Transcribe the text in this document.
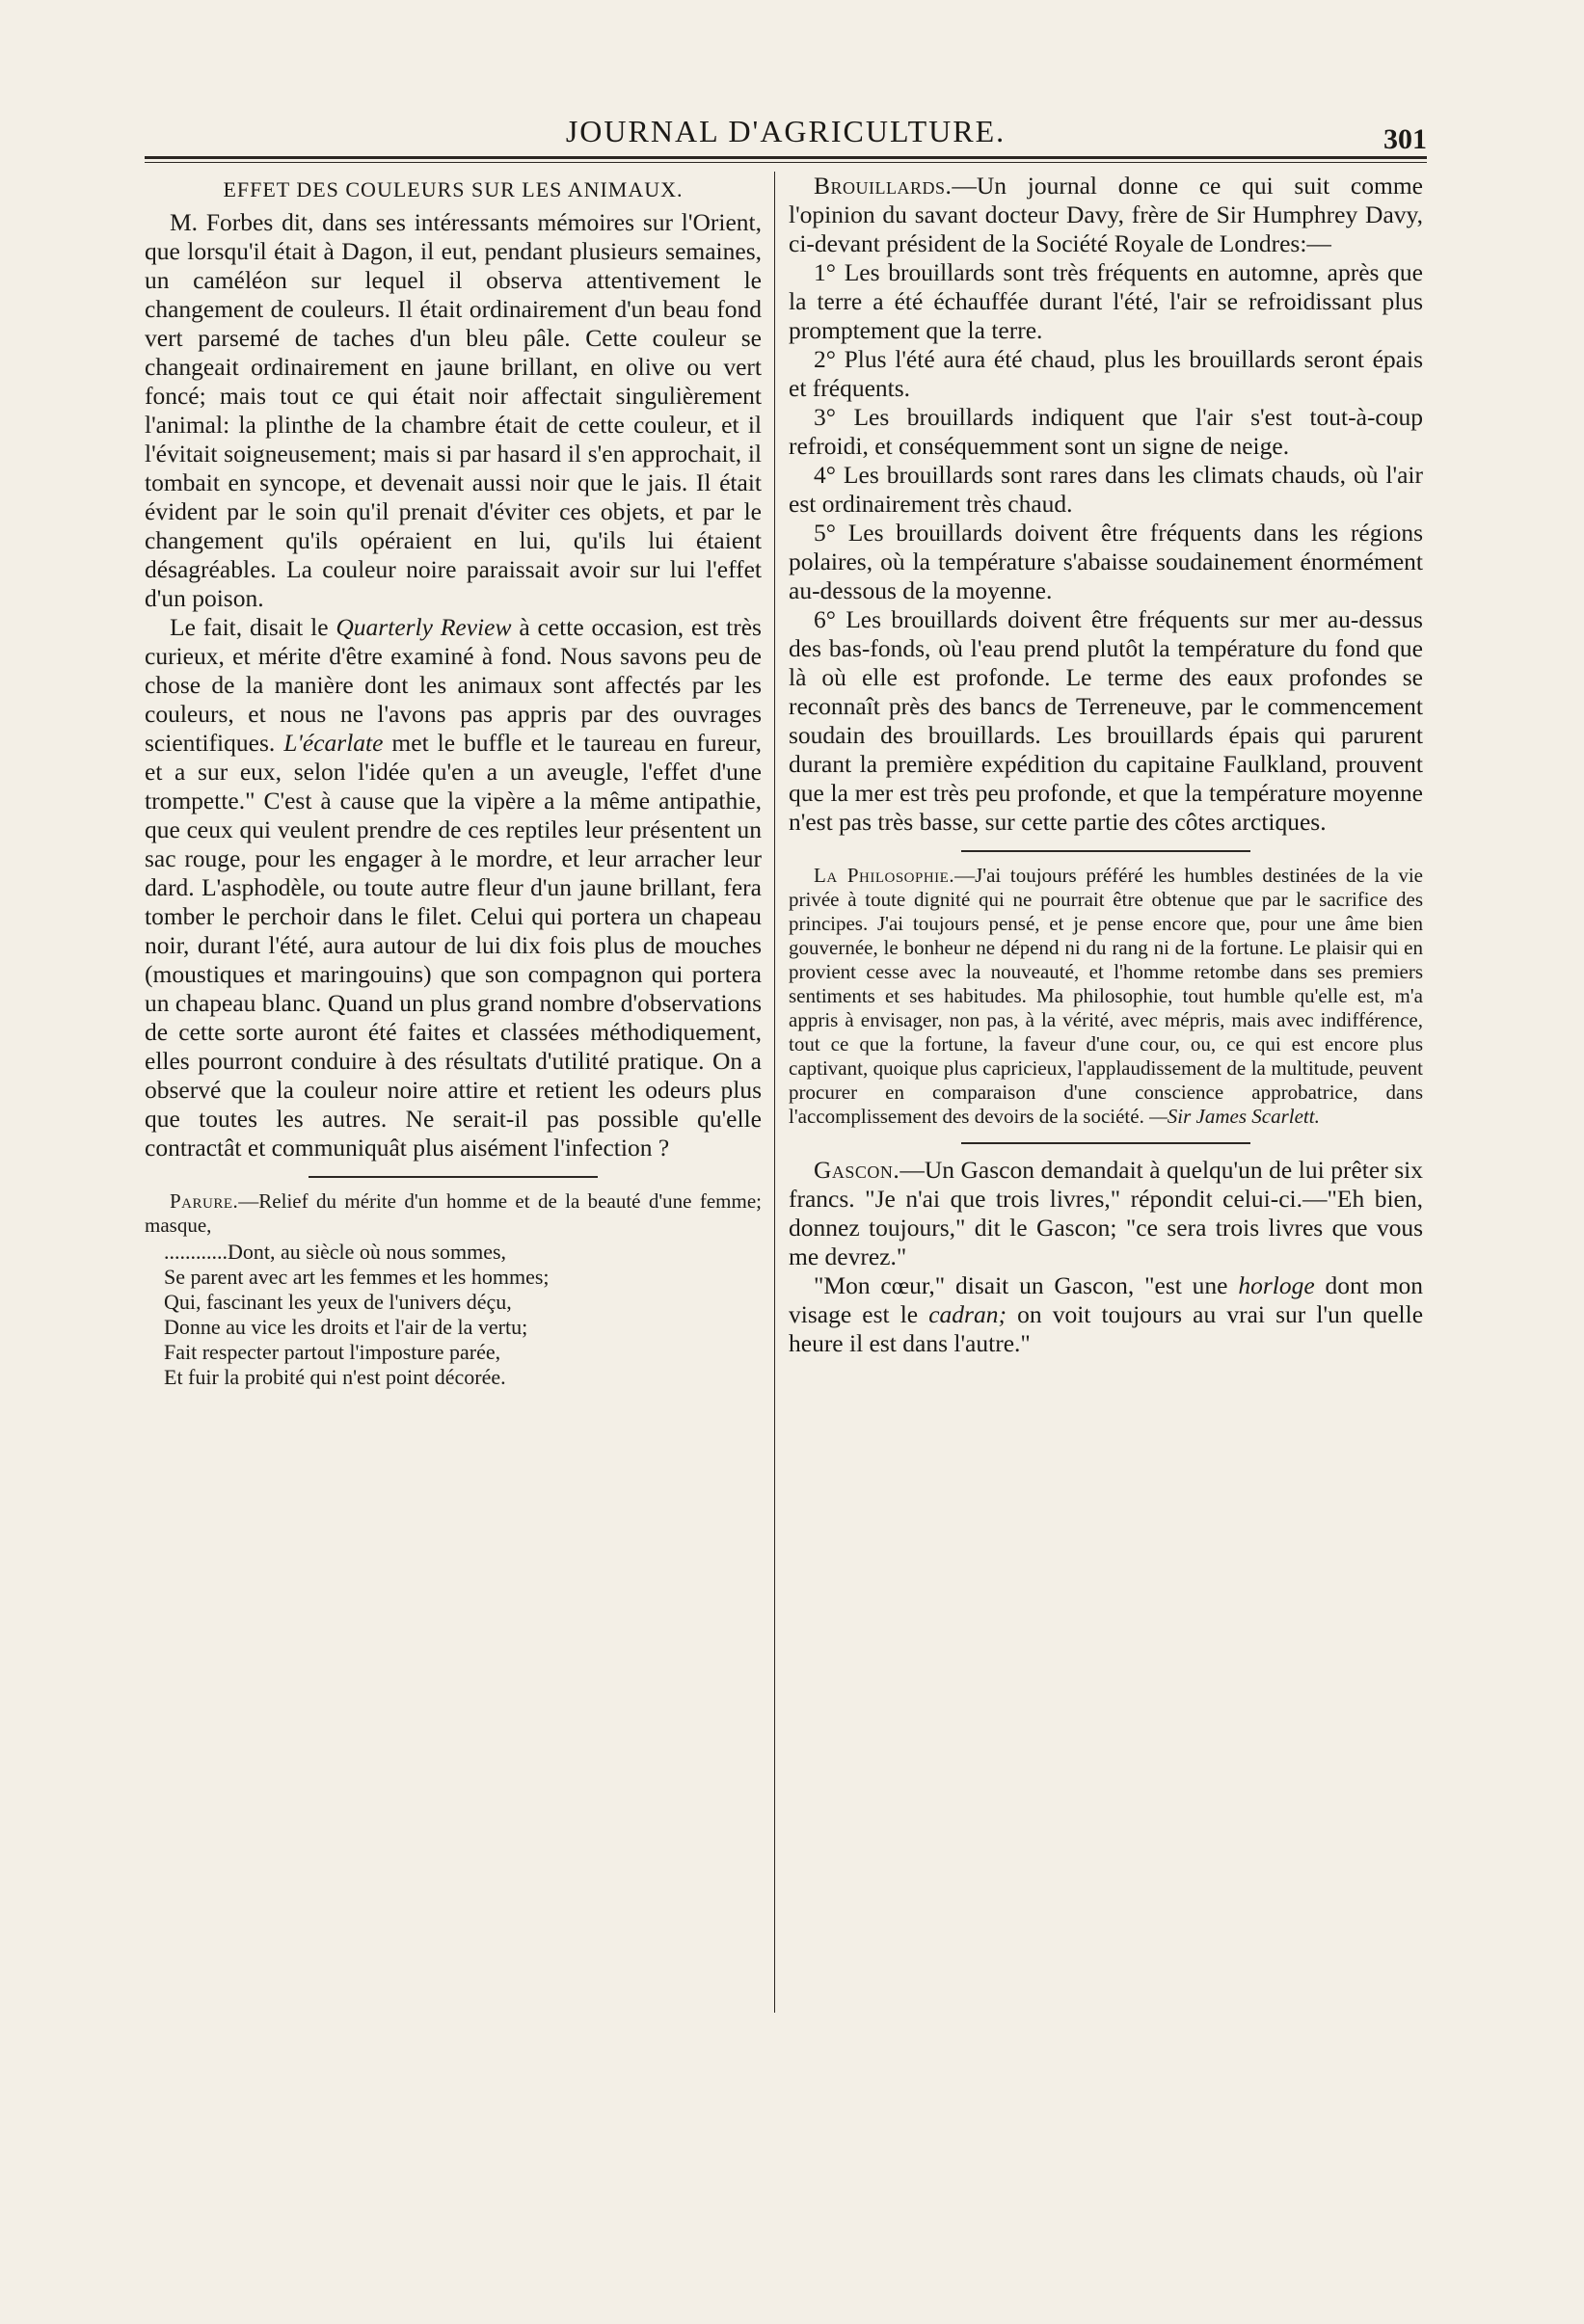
JOURNAL D'AGRICULTURE.	301
EFFET DES COULEURS SUR LES ANIMAUX.

M. Forbes dit, dans ses intéressants mémoires sur l'Orient, que lorsqu'il était à Dagon, il eut, pendant plusieurs semaines, un caméléon sur lequel il observa attentivement le changement de couleurs. Il était ordinairement d'un beau fond vert parsemé de taches d'un bleu pâle. Cette couleur se changeait ordinairement en jaune brillant, en olive ou vert foncé; mais tout ce qui était noir affectait singulièrement l'animal: la plinthe de la chambre était de cette couleur, et il l'évitait soigneusement; mais si par hasard il s'en approchait, il tombait en syncope, et devenait aussi noir que le jais. Il était évident par le soin qu'il prenait d'éviter ces objets, et par le changement qu'ils opéraient en lui, qu'ils lui étaient désagréables. La couleur noire paraissait avoir sur lui l'effet d'un poison.

Le fait, disait le Quarterly Review à cette occasion, est très curieux, et mérite d'être examiné à fond. Nous savons peu de chose de la manière dont les animaux sont affectés par les couleurs, et nous ne l'avons pas appris par des ouvrages scientifiques. L'écarlate met le buffle et le taureau en fureur, et a sur eux, selon l'idée qu'en a un aveugle, l'effet d'une trompette." C'est à cause que la vipère a la même antipathie, que ceux qui veulent prendre de ces reptiles leur présentent un sac rouge, pour les engager à le mordre, et leur arracher leur dard. L'asphodèle, ou toute autre fleur d'un jaune brillant, fera tomber le perchoir dans le filet. Celui qui portera un chapeau noir, durant l'été, aura autour de lui dix fois plus de mouches (moustiques et maringouins) que son compagnon qui portera un chapeau blanc. Quand un plus grand nombre d'observations de cette sorte auront été faites et classées méthodiquement, elles pourront conduire à des résultats d'utilité pratique. On a observé que la couleur noire attire et retient les odeurs plus que toutes les autres. Ne serait-il pas possible qu'elle contractât et communiquât plus aisément l'infection ?

Parure.—Relief du mérite d'un homme et de la beauté d'une femme; masque,

............Dont, au siècle où nous sommes,
Se parent avec art les femmes et les hommes;
Qui, fascinant les yeux de l'univers déçu,
Donne au vice les droits et l'air de la vertu;
Fait respecter partout l'imposture parée,
Et fuir la probité qui n'est point décorée.

Brouillards.—Un journal donne ce qui suit comme l'opinion du savant docteur Davy, frère de Sir Humphrey Davy, ci-devant président de la Société Royale de Londres:—

1° Les brouillards sont très fréquents en automne, après que la terre a été échauffée durant l'été, l'air se refroidissant plus promptement que la terre.

2° Plus l'été aura été chaud, plus les brouillards seront épais et fréquents.

3° Les brouillards indiquent que l'air s'est tout-à-coup refroidi, et conséquemment sont un signe de neige.

4° Les brouillards sont rares dans les climats chauds, où l'air est ordinairement très chaud.

5° Les brouillards doivent être fréquents dans les régions polaires, où la température s'abaisse soudainement énormément au-dessous de la moyenne.

6° Les brouillards doivent être fréquents sur mer au-dessus des bas-fonds, où l'eau prend plutôt la température du fond que là où elle est profonde. Le terme des eaux profondes se reconnaît près des bancs de Terreneuve, par le commencement soudain des brouillards. Les brouillards épais qui parurent durant la première expédition du capitaine Faulkland, prouvent que la mer est très peu profonde, et que la température moyenne n'est pas très basse, sur cette partie des côtes arctiques.

La Philosophie.—J'ai toujours préféré les humbles destinées de la vie privée à toute dignité qui ne pourrait être obtenue que par le sacrifice des principes. J'ai toujours pensé, et je pense encore que, pour une âme bien gouvernée, le bonheur ne dépend ni du rang ni de la fortune. Le plaisir qui en provient cesse avec la nouveauté, et l'homme retombe dans ses premiers sentiments et ses habitudes. Ma philosophie, tout humble qu'elle est, m'a appris à envisager, non pas, à la vérité, avec mépris, mais avec indifférence, tout ce que la fortune, la faveur d'une cour, ou, ce qui est encore plus captivant, quoique plus capricieux, l'applaudissement de la multitude, peuvent procurer en comparaison d'une conscience approbatrice, dans l'accomplissement des devoirs de la société. —Sir James Scarlett.

Gascon.—Un Gascon demandait à quelqu'un de lui prêter six francs. "Je n'ai que trois livres," répondit celui-ci.—"Eh bien, donnez toujours," dit le Gascon; "ce sera trois livres que vous me devrez."

"Mon cœur," disait un Gascon, "est une horloge dont mon visage est le cadran; on voit toujours au vrai sur l'un quelle heure il est dans l'autre."
